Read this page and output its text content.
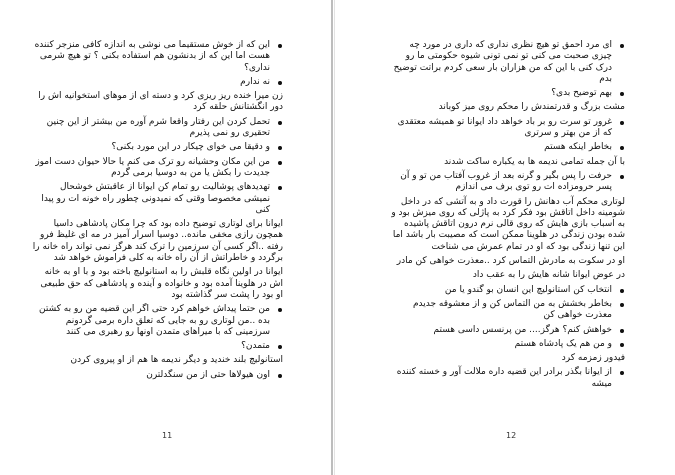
این که از خوش مستقیما می نوشی به اندازه کافی منزجر کننده هست اما این که از بدنشون هم استفاده بکنی ؟ تو هیچ شرمی نداری؟
نه ندارم
زن میرا خنده ریز ریزی کرد و دسته ای از موهای استخوانیه اش را دور انگشتانش حلقه کرد
تحمل کردن این رفتار واقعا شرم آوره من بیشتر از این چنین تحقیری رو نمی پذیرم
و دقیقا می خوای چیکار در این مورد بکنی؟
من این مکان وحشیانه رو ترک می کنم یا حالا حیوان دست اموز جدیدت را بکش یا من به دوسیا برمی گردم
تهدیدهای پوشالیت رو تمام کن ایوانا از عاقبتش خوشحال نمیشی مخصوصا وقتی که نمیدونی چطور راه خونه ات رو پیدا کنی
ایوانا برای لوتاری توضیح داده بود که چرا مکان پادشاهی داسیا همچون رازی مخفی مانده.. دوسیا اسرار آمیز در مه ای غلیظ فرو رفته ..اگر کسی آن سرزمین را ترک کند هرگز نمی تواند راه خانه را برگردد و خاطراتش از آن راه خانه به کلی فراموش خواهد شد
ایوانا در اولین نگاه قلبش را به استانولیچ باخته بود و با او به خانه اش در هلوینا آمده بود و خانواده و آینده و پادشاهی که حق طبیعی او بود را پشت سر گذاشته بود
من حتما پیداش خواهم کرد حتی اگر این قضیه من رو به کشتن بده ..من لوتاری رو به جایی که تعلق داره برمی گردونم سرزمینی که با میراهای متمدن اونها رو رهبری می کنند
متمدن؟
استانولیچ بلند خندید و دیگر ندیمه ها هم از او پیروی کردن
اون هیولاها حتی از من سنگدلترن
11
ای مرد احمق تو هیچ نظری نداری که داری در مورد چه چیزی صحبت می کنی تو نمی تونی شیوه حکومتی ما رو درک کنی با این که من هزاران بار سعی کردم براتت توضیح بدم
بهم توضیح بدی؟
مشت بزرگ و قدرتمندش را محکم روی میز کوباند
غرور تو سرت رو بر باد خواهد داد ایوانا تو همیشه معتقدی که از من بهتر و سرتری
بخاطر اینکه هستم
با آن جمله تمامی ندیمه ها به یکباره ساکت شدند
حرفت را پس بگیر و گرنه بعد از غروب آفتاب من تو و آن پسر حرومزاده ات رو توی برف می اندازم
لوتاری محکم آب دهانش را قورت داد و به آتشی که در داخل شومینه داخل اتاقش بود فکر کرد به پاژلی که روی میزش بود و به اسباب بازی هایش که روی قالی نرم درون اتاقش پاشیده شده بودن زندگی در هلوینا ممکن است که مصیبت بار باشد اما این تنها زندگی بود که او در تمام عمرش می شناخت
او در سکوت به مادرش التماس کرد ..معذرت خواهی کن مادر
در عوض ایوانا شانه هایش را به عقب داد
انتخاب کن استانولیچ این انسان بو گندو یا من
بخاطر بخشش به من التماس کن و از معشوقه جدیدم معذرت خواهی کن
خواهش کنم؟ هرگز.... من پرنسس داسی هستم
و من هم یک پادشاه هستم
فیدور زمزمه کرد
از ایوانا بگذر برادر این قضیه داره ملالت آور و خسته کننده میشه
12
